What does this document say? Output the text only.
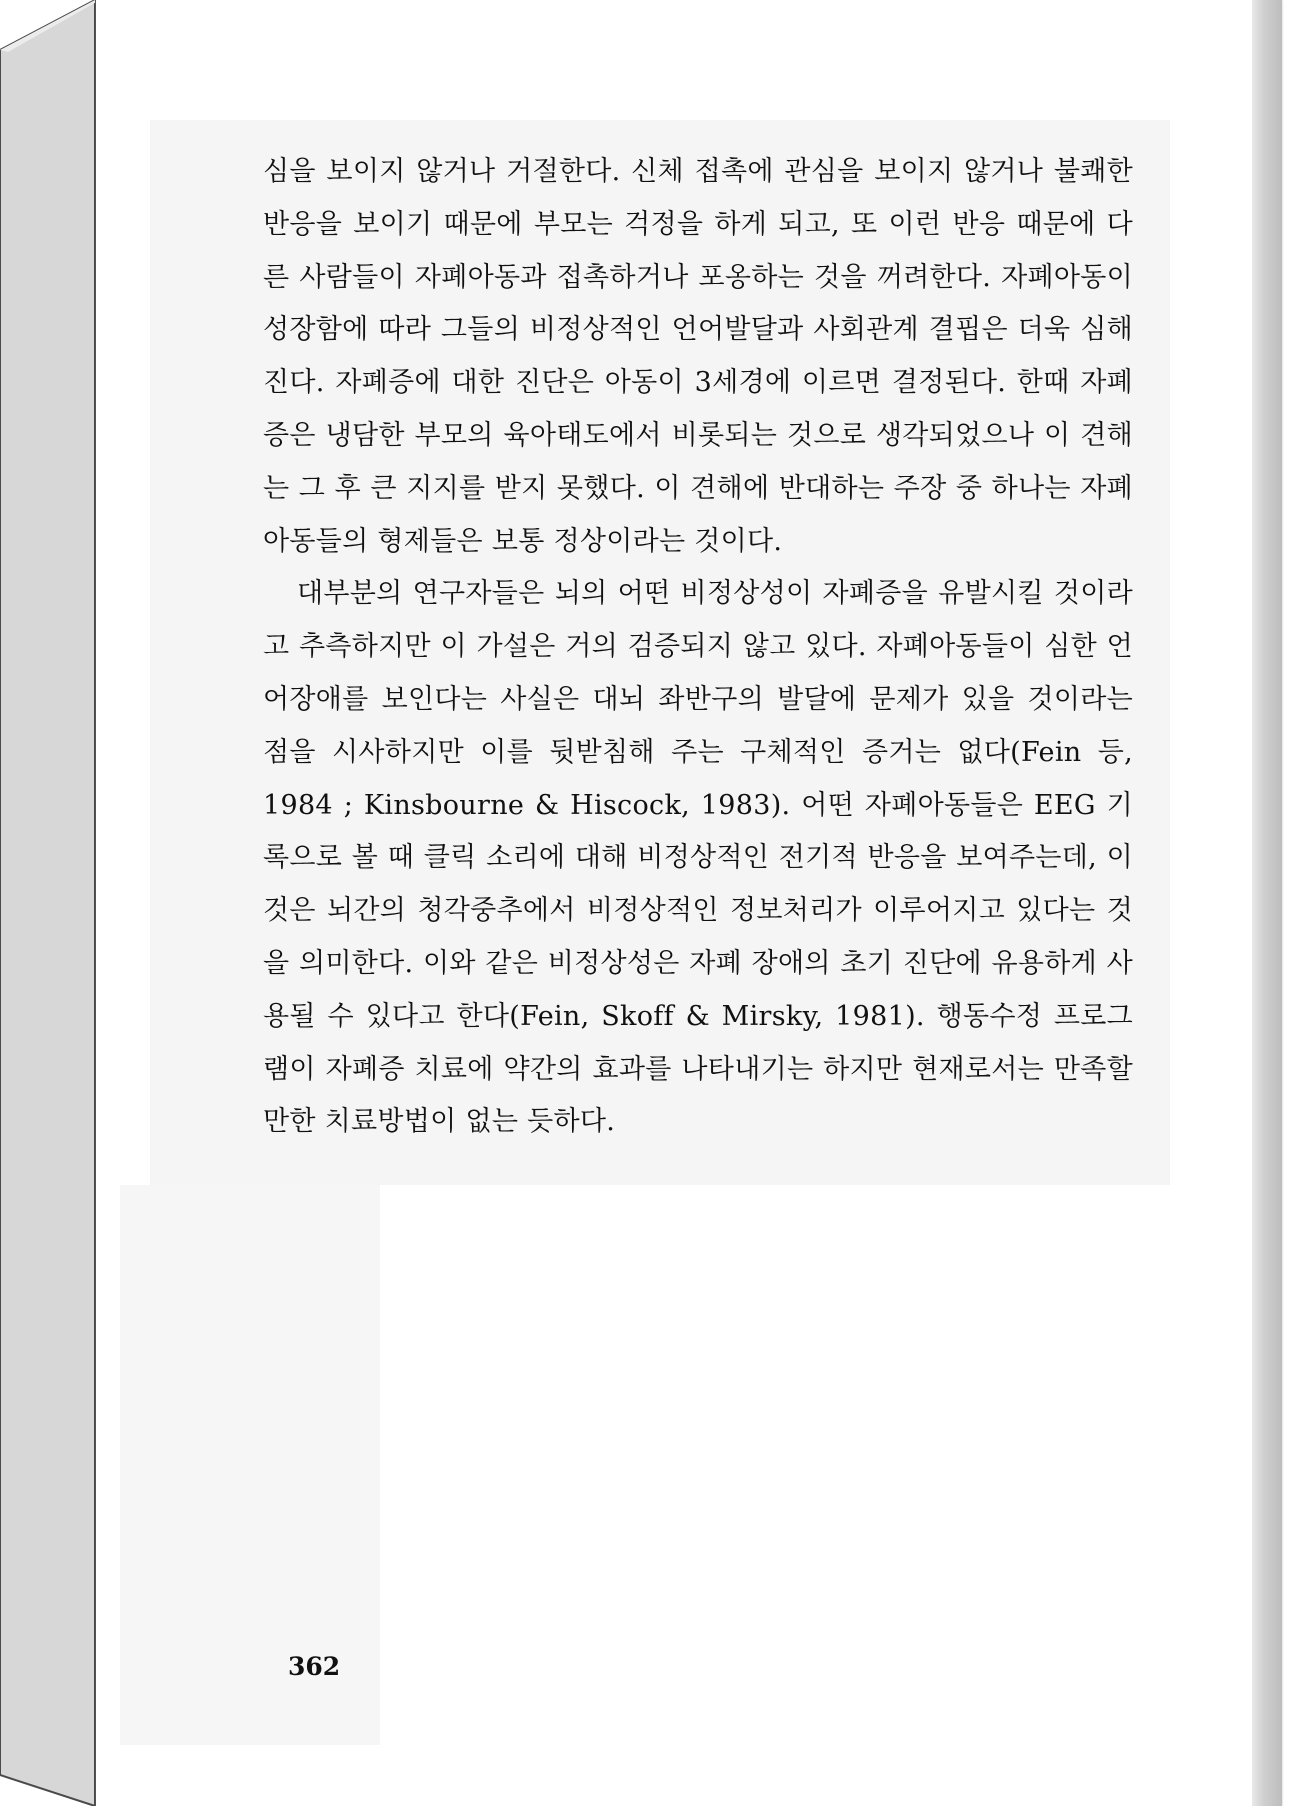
심을 보이지 않거나 거절한다. 신체 접촉에 관심을 보이지 않거나 불쾌한 반응을 보이기 때문에 부모는 걱정을 하게 되고, 또 이런 반응 때문에 다른 사람들이 자폐아동과 접촉하거나 포옹하는 것을 꺼려한다. 자폐아동이 성장함에 따라 그들의 비정상적인 언어발달과 사회관계 결핍은 더욱 심해진다. 자폐증에 대한 진단은 아동이 3세경에 이르면 결정된다. 한때 자폐증은 냉담한 부모의 육아태도에서 비롯되는 것으로 생각되었으나 이 견해는 그 후 큰 지지를 받지 못했다. 이 견해에 반대하는 주장 중 하나는 자폐아동들의 형제들은 보통 정상이라는 것이다.

대부분의 연구자들은 뇌의 어떤 비정상성이 자폐증을 유발시킬 것이라고 추측하지만 이 가설은 거의 검증되지 않고 있다. 자폐아동들이 심한 언어장애를 보인다는 사실은 대뇌 좌반구의 발달에 문제가 있을 것이라는 점을 시사하지만 이를 뒷받침해 주는 구체적인 증거는 없다(Fein 등, 1984 ; Kinsbourne & Hiscock, 1983). 어떤 자폐아동들은 EEG 기록으로 볼 때 클릭 소리에 대해 비정상적인 전기적 반응을 보여주는데, 이것은 뇌간의 청각중추에서 비정상적인 정보처리가 이루어지고 있다는 것을 의미한다. 이와 같은 비정상성은 자폐 장애의 초기 진단에 유용하게 사용될 수 있다고 한다(Fein, Skoff & Mirsky, 1981). 행동수정 프로그램이 자폐증 치료에 약간의 효과를 나타내기는 하지만 현재로서는 만족할 만한 치료방법이 없는 듯하다.

362
